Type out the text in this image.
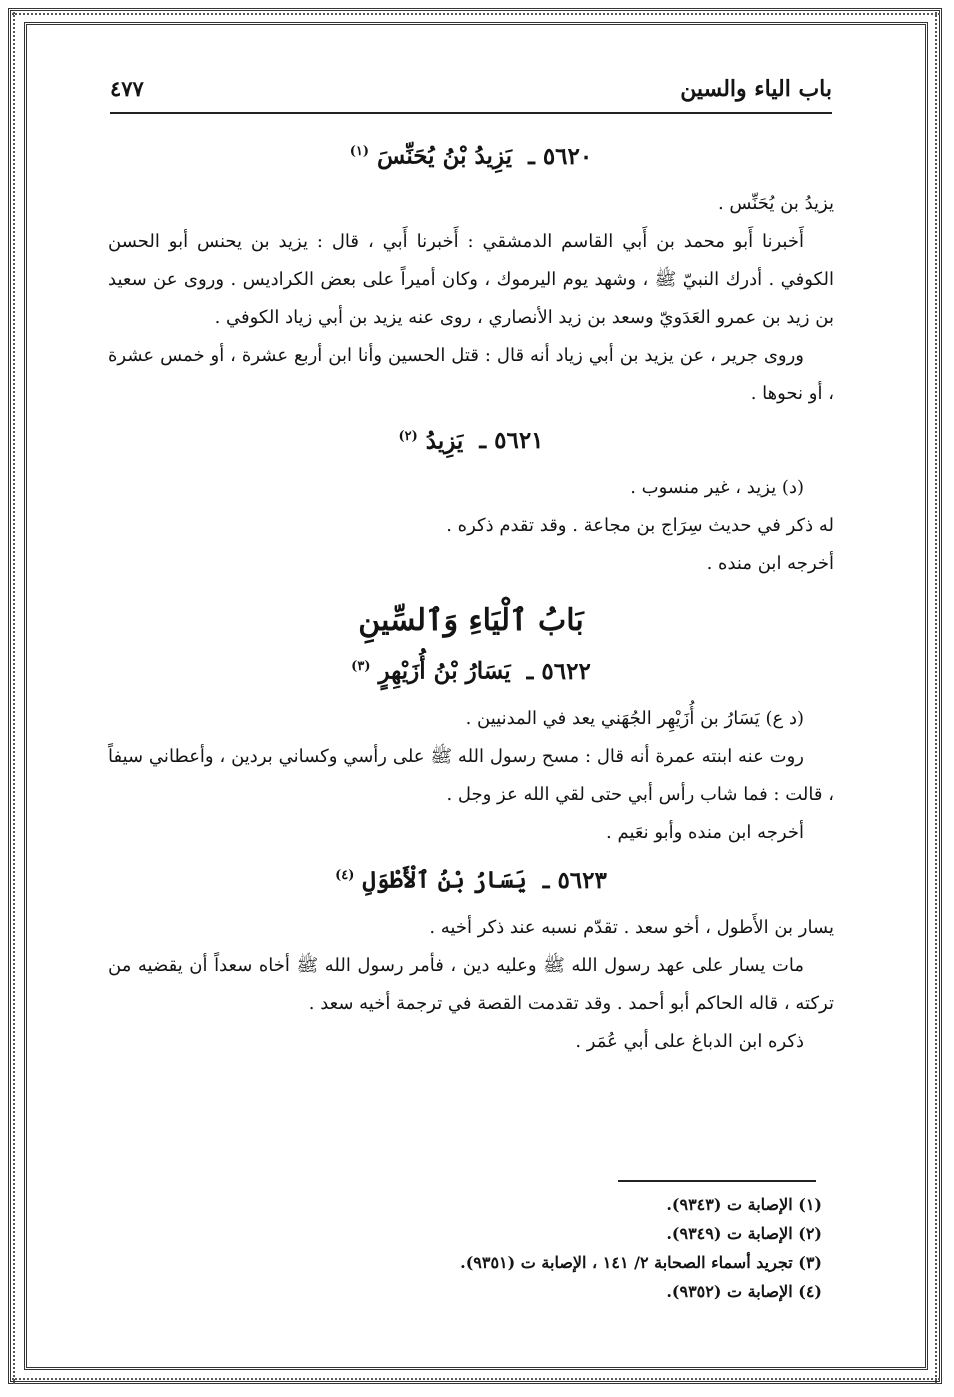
باب الياء والسين
٤٧٧
٥٦٢٠ ـ يَزِيدُ بْنُ يُحَنِّسَ $^{(١)}$

يزيدُ بن يُحَنِّس .

أَخبرنا أَبو محمد بن أَبي القاسم الدمشقي : أَخبرنا أَبي ، قال : يزيد بن يحنس أبو الحسن الكوفي . أدرك النبيّ ﷺ ، وشهد يوم اليرموك ، وكان أميراً على بعض الكراديس . وروى عن سعيد بن زيد بن عمرو العَدَويّ وسعد بن زيد الأنصاري ، روى عنه يزيد بن أبي زياد الكوفي .

وروى جرير ، عن يزيد بن أبي زياد أنه قال : قتل الحسين وأنا ابن أربع عشرة ، أو خمس عشرة ، أو نحوها .

٥٦٢١ ـ يَزِيدُ $^{(٢)}$

(د) يزيد ، غير منسوب .

له ذكر في حديث سِرَاج بن مجاعة . وقد تقدم ذكره .

أخرجه ابن منده .

بَابُ ٱلْيَاءِ وَٱلسِّينِ
٥٦٢٢ ـ يَسَارُ بْنُ أُزَيْهِرٍ $^{(٣)}$

(د ع) يَسَارُ بن أُزَيْهِر الجُهَني يعد في المدنيين .

روت عنه ابنته عمرة أنه قال : مسح رسول الله ﷺ على رأسي وكساني بردين ، وأعطاني سيفاً ، قالت : فما شاب رأس أبي حتى لقي الله عز وجل .

أخرجه ابن منده وأبو نعَيم .

٥٦٢٣ ـ يَسَارُ بْنُ ٱلْأَطْوَلِ $^{(٤)}$

يسار بن الأَطول ، أخو سعد . تقدّم نسبه عند ذكر أخيه .

مات يسار على عهد رسول الله ﷺ وعليه دين ، فأمر رسول الله ﷺ أخاه سعداً أن يقضيه من تركته ، قاله الحاكم أبو أحمد . وقد تقدمت القصة في ترجمة أخيه سعد .

ذكره ابن الدباغ على أبي عُمَر .

(١) الإصابة ت (٩٣٤٣).
(٢) الإصابة ت (٩٣٤٩).
(٣) تجريد أسماء الصحابة ٢/ ١٤١ ، الإصابة ت (٩٣٥١).
(٤) الإصابة ت (٩٣٥٢).
